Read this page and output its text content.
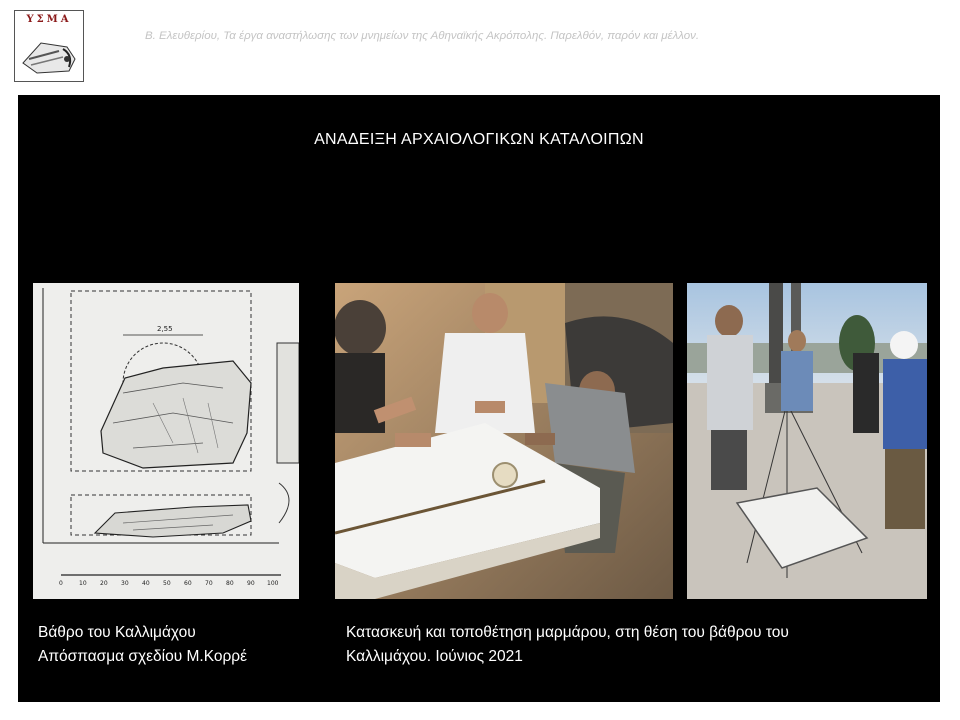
ΥΣΜΑ
Β. Ελευθερίου, Τα έργα αναστήλωσης των μνημείων της Αθηναϊκής Ακρόπολης. Παρελθόν, παρόν και μέλλον.
ΑΝΑΔΕΙΞΗ ΑΡΧΑΙΟΛΟΓΙΚΩΝ ΚΑΤΑΛΟΙΠΩΝ
2,55
0	10 20 30 40 50 60 70 80 90 100
Βάθρο του Καλλιμάχου
Απόσπασμα σχεδίου Μ.Κορρέ
Κατασκευή και τοποθέτηση μαρμάρου, στη θέση του βάθρου του
Καλλιμάχου. Ιούνιος 2021
